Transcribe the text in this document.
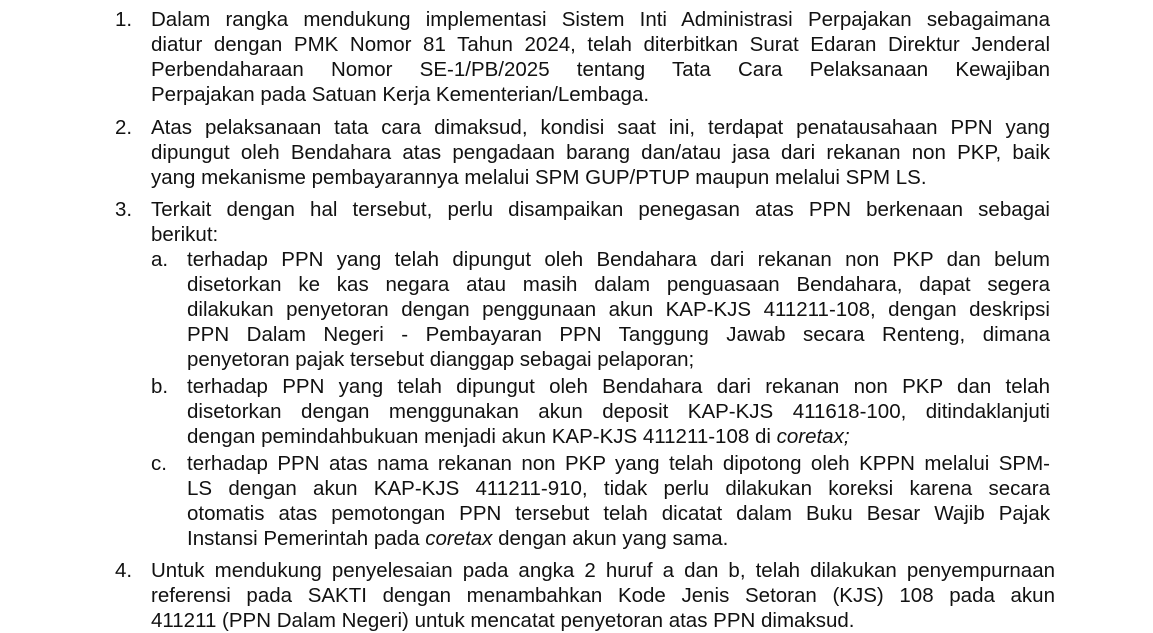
1. Dalam rangka mendukung implementasi Sistem Inti Administrasi Perpajakan sebagaimana
diatur dengan PMK Nomor 81 Tahun 2024, telah diterbitkan Surat Edaran Direktur Jenderal
Perbendaharaan Nomor SE-1/PB/2025 tentang Tata Cara Pelaksanaan Kewajiban
Perpajakan pada Satuan Kerja Kementerian/Lembaga.
2. Atas pelaksanaan tata cara dimaksud, kondisi saat ini, terdapat penatausahaan PPN yang
dipungut oleh Bendahara atas pengadaan barang dan/atau jasa dari rekanan non PKP, baik
yang mekanisme pembayarannya melalui SPM GUP/PTUP maupun melalui SPM LS.
3. Terkait dengan hal tersebut, perlu disampaikan penegasan atas PPN berkenaan sebagai
berikut:
a. terhadap PPN yang telah dipungut oleh Bendahara dari rekanan non PKP dan belum
disetorkan ke kas negara atau masih dalam penguasaan Bendahara, dapat segera
dilakukan penyetoran dengan penggunaan akun KAP-KJS 411211-108, dengan deskripsi
PPN Dalam Negeri - Pembayaran PPN Tanggung Jawab secara Renteng, dimana
penyetoran pajak tersebut dianggap sebagai pelaporan;
b. terhadap PPN yang telah dipungut oleh Bendahara dari rekanan non PKP dan telah
disetorkan dengan menggunakan akun deposit KAP-KJS 411618-100, ditindaklanjuti
dengan pemindahbukuan menjadi akun KAP-KJS 411211-108 di coretax;
c. terhadap PPN atas nama rekanan non PKP yang telah dipotong oleh KPPN melalui SPM-
LS dengan akun KAP-KJS 411211-910, tidak perlu dilakukan koreksi karena secara
otomatis atas pemotongan PPN tersebut telah dicatat dalam Buku Besar Wajib Pajak
Instansi Pemerintah pada coretax dengan akun yang sama.
4. Untuk mendukung penyelesaian pada angka 2 huruf a dan b, telah dilakukan penyempurnaan
referensi pada SAKTI dengan menambahkan Kode Jenis Setoran (KJS) 108 pada akun
411211 (PPN Dalam Negeri) untuk mencatat penyetoran atas PPN dimaksud.
